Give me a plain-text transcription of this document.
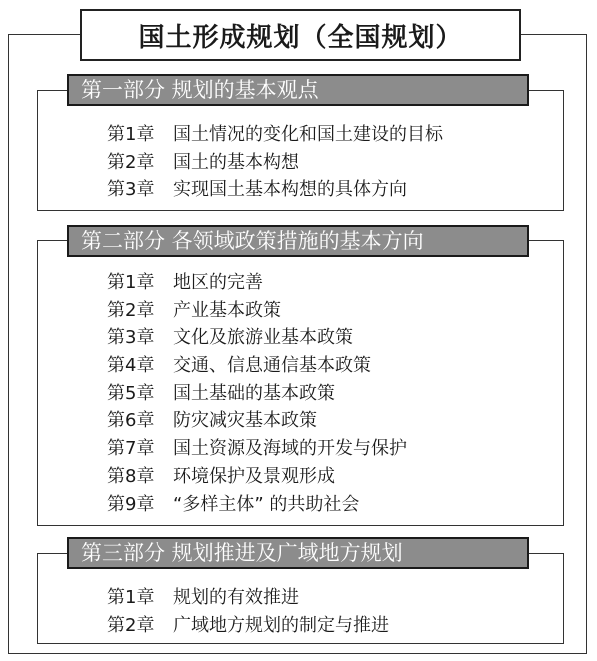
国土形成规划（全国规划）
第一部分 规划的基本观点
第1章 国土情况的变化和国土建设的目标
第2章 国土的基本构想
第3章 实现国土基本构想的具体方向
第二部分 各领域政策措施的基本方向
第1章 地区的完善
第2章 产业基本政策
第3章 文化及旅游业基本政策
第4章 交通、信息通信基本政策
第5章 国土基础的基本政策
第6章 防灾减灾基本政策
第7章 国土资源及海域的开发与保护
第8章 环境保护及景观形成
第9章 “多样主体” 的共助社会
第三部分 规划推进及广域地方规划
第1章 规划的有效推进
第2章 广域地方规划的制定与推进
